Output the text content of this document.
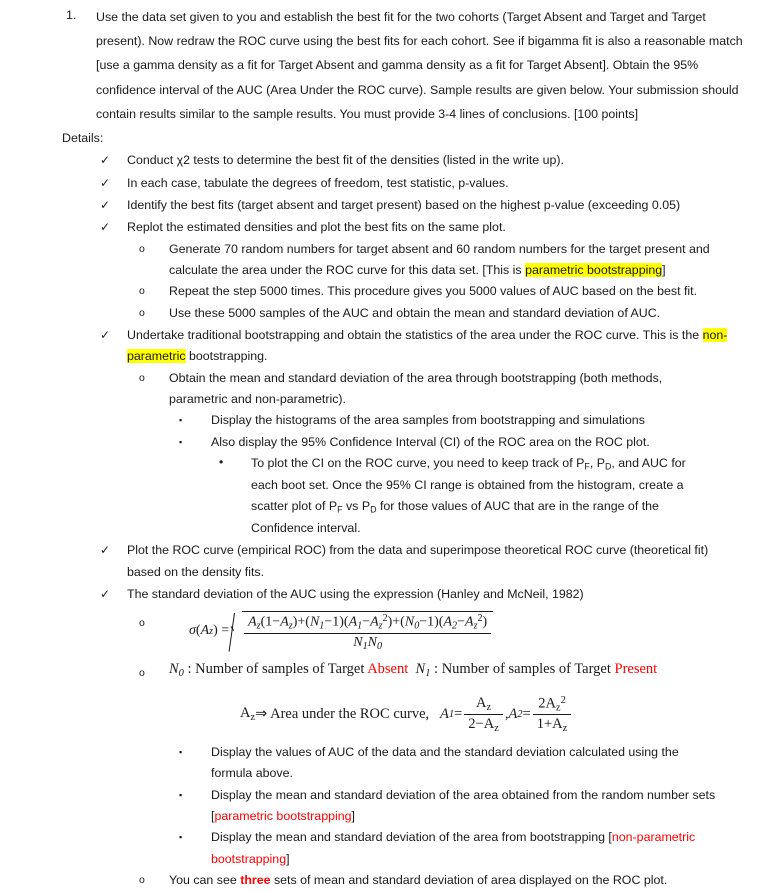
1.	Use the data set given to you and establish the best fit for the two cohorts (Target Absent and Target and Target present). Now redraw the ROC curve using the best fits for each cohort. See if bigamma fit is also a reasonable match [use a gamma density as a fit for Target Absent and gamma density as a fit for Target Absent]. Obtain the 95% confidence interval of the AUC (Area Under the ROC curve). Sample results are given below. Your submission should contain results similar to the sample results. You must provide 3-4 lines of conclusions. [100 points]
Details:
✓	Conduct χ2 tests to determine the best fit of the densities (listed in the write up).
✓	In each case, tabulate the degrees of freedom, test statistic, p-values.
✓	Identify the best fits (target absent and target present) based on the highest p-value (exceeding 0.05)
✓	Replot the estimated densities and plot the best fits on the same plot.
o	Generate 70 random numbers for target absent and 60 random numbers for the target present and calculate the area under the ROC curve for this data set. [This is parametric bootstrapping]
o	Repeat the step 5000 times. This procedure gives you 5000 values of AUC based on the best fit.
o	Use these 5000 samples of the AUC and obtain the mean and standard deviation of AUC.
✓	Undertake traditional bootstrapping and obtain the statistics of the area under the ROC curve. This is the non-parametric bootstrapping.
o	Obtain the mean and standard deviation of the area through bootstrapping (both methods, parametric and non-parametric).
▪	Display the histograms of the area samples from bootstrapping and simulations
▪	Also display the 95% Confidence Interval (CI) of the ROC area on the ROC plot.
•	To plot the CI on the ROC curve, you need to keep track of $P_F$, $P_D$, and AUC for each boot set. Once the 95% CI range is obtained from the histogram, create a scatter plot of $P_F$ vs $P_D$ for those values of AUC that are in the range of the Confidence interval.
✓	Plot the ROC curve (empirical ROC) from the data and superimpose theoretical ROC curve (theoretical fit) based on the density fits.
✓	The standard deviation of the AUC using the expression (Hanley and McNeil, 1982)
o
σ ( A z ) = $\frac{A_z(1-A_z)+(N_1-1)(A_1-A_z^2)+(N_0-1)(A_2-A_z^2)}{N_1N_0}$
o	$N_0$ : Number of samples of Target Absent $N_1$ : Number of samples of Target Present
$A_z$ ⇒ Area under the ROC curve,
A $1 = \frac{A_z}{2-A_z}$ , A $2 = \frac{2A_z^2}{1+A_z}$
▪	Display the values of AUC of the data and the standard deviation calculated using the formula above.
▪	Display the mean and standard deviation of the area obtained from the random number sets [parametric bootstrapping]
▪	Display the mean and standard deviation of the area from bootstrapping [non-parametric bootstrapping]
o	You can see three sets of mean and standard deviation of area displayed on the ROC plot.
